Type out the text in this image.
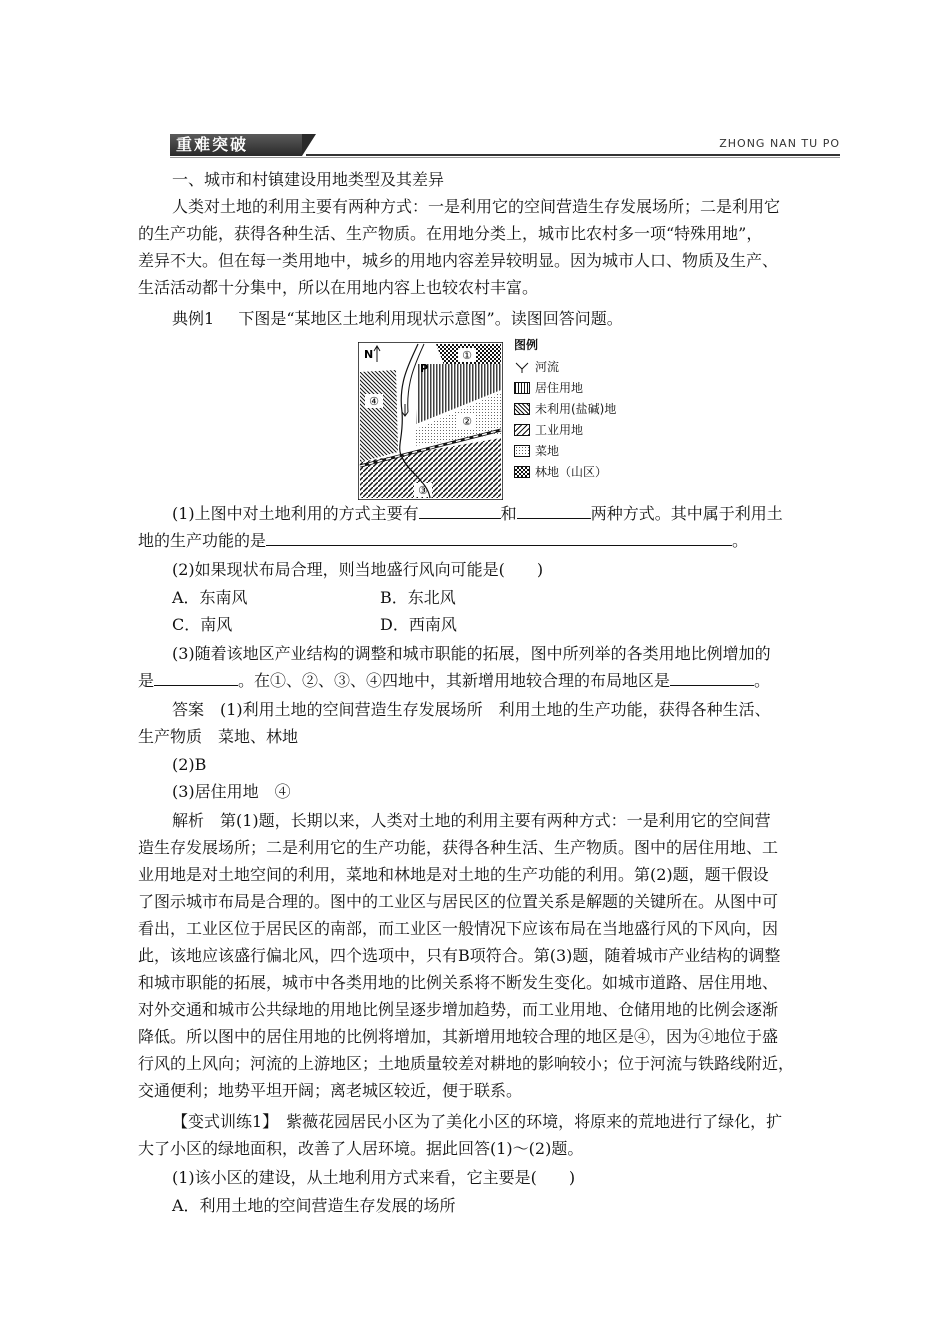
重难突破	ZHONG NAN TU PO
一、城市和村镇建设用地类型及其差异
人类对土地的利用主要有两种方式：一是利用它的空间营造生存发展场所；二是利用它
的生产功能，获得各种生活、生产物质。在用地分类上，城市比农村多一项“特殊用地”，
差异不大。但在每一类用地中，城乡的用地内容差异较明显。因为城市人口、物质及生产、
生活活动都十分集中，所以在用地内容上也较农村丰富。
典例1 下图是“某地区土地利用现状示意图”。读图回答问题。
④
①
②
③
N
P
图例
河流
居住用地
未利用(盐碱)地
工业用地
菜地
林地（山区）
(1)上图中对土地利用的方式主要有	和	两种方式。其中属于利用土
地的生产功能的是	。
(2)如果现状布局合理，则当地盛行风向可能是(　　)
A．东南风	B．东北风
C．南风	D．西南风
(3)随着该地区产业结构的调整和城市职能的拓展，图中所列举的各类用地比例增加的
是	。在①、②、③、④四地中，其新增用地较合理的布局地区是	。
答案　(1)利用土地的空间营造生存发展场所　利用土地的生产功能，获得各种生活、
生产物质　菜地、林地
(2)B
(3)居住用地　④
解析　第(1)题，长期以来，人类对土地的利用主要有两种方式：一是利用它的空间营
造生存发展场所；二是利用它的生产功能，获得各种生活、生产物质。图中的居住用地、工
业用地是对土地空间的利用，菜地和林地是对土地的生产功能的利用。第(2)题，题干假设
了图示城市布局是合理的。图中的工业区与居民区的位置关系是解题的关键所在。从图中可
看出，工业区位于居民区的南部，而工业区一般情况下应该布局在当地盛行风的下风向，因
此，该地应该盛行偏北风，四个选项中，只有B项符合。第(3)题，随着城市产业结构的调整
和城市职能的拓展，城市中各类用地的比例关系将不断发生变化。如城市道路、居住用地、
对外交通和城市公共绿地的用地比例呈逐步增加趋势，而工业用地、仓储用地的比例会逐渐
降低。所以图中的居住用地的比例将增加，其新增用地较合理的地区是④，因为④地位于盛
行风的上风向；河流的上游地区；土地质量较差对耕地的影响较小；位于河流与铁路线附近，
交通便利；地势平坦开阔；离老城区较近，便于联系。
【变式训练1】　紫薇花园居民小区为了美化小区的环境，将原来的荒地进行了绿化，扩
大了小区的绿地面积，改善了人居环境。据此回答(1)～(2)题。
(1)该小区的建设，从土地利用方式来看，它主要是(　　)
A．利用土地的空间营造生存发展的场所
